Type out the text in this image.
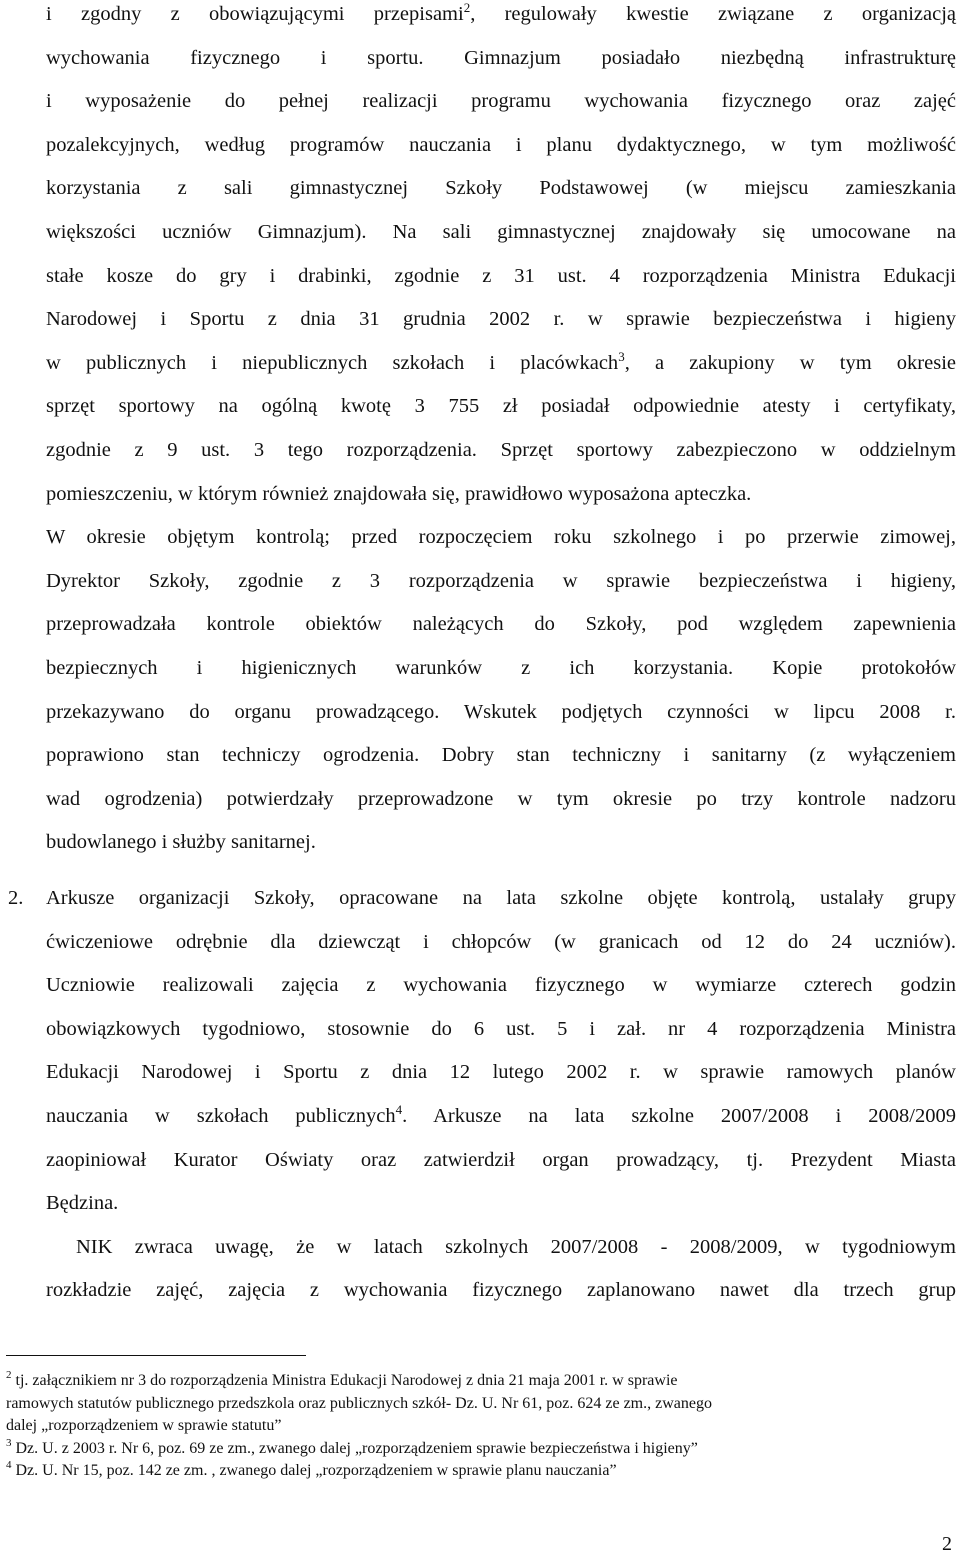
i zgodny z obowiązującymi przepisami$^2$, regulowały kwestie związane z organizacją
wychowania fizycznego i sportu. Gimnazjum posiadało niezbędną infrastrukturę
i wyposażenie do pełnej realizacji programu wychowania fizycznego oraz zajęć
pozalekcyjnych, według programów nauczania i planu dydaktycznego, w tym możliwość
korzystania z sali gimnastycznej Szkoły Podstawowej (w miejscu zamieszkania
większości uczniów Gimnazjum). Na sali gimnastycznej znajdowały się umocowane na
stałe kosze do gry i drabinki, zgodnie z 31 ust. 4 rozporządzenia Ministra Edukacji
Narodowej i Sportu z dnia 31 grudnia 2002 r. w sprawie bezpieczeństwa i higieny
w publicznych i niepublicznych szkołach i placówkach$^3$, a zakupiony w tym okresie
sprzęt sportowy na ogólną kwotę 3 755 zł posiadał odpowiednie atesty i certyfikaty,
zgodnie z 9 ust. 3 tego rozporządzenia. Sprzęt sportowy zabezpieczono w oddzielnym
pomieszczeniu, w którym również znajdowała się, prawidłowo wyposażona apteczka.
W okresie objętym kontrolą; przed rozpoczęciem roku szkolnego i po przerwie zimowej,
Dyrektor Szkoły, zgodnie z 3 rozporządzenia w sprawie bezpieczeństwa i higieny,
przeprowadzała kontrole obiektów należących do Szkoły, pod względem zapewnienia
bezpiecznych i higienicznych warunków z ich korzystania. Kopie protokołów
przekazywano do organu prowadzącego. Wskutek podjętych czynności w lipcu 2008 r.
poprawiono stan techniczy ogrodzenia. Dobry stan techniczny i sanitarny (z wyłączeniem
wad ogrodzenia) potwierdzały przeprowadzone w tym okresie po trzy kontrole nadzoru
budowlanego i służby sanitarnej.
2. Arkusze organizacji Szkoły, opracowane na lata szkolne objęte kontrolą, ustalały grupy
ćwiczeniowe odrębnie dla dziewcząt i chłopców (w granicach od 12 do 24 uczniów).
Uczniowie realizowali zajęcia z wychowania fizycznego w wymiarze czterech godzin
obowiązkowych tygodniowo, stosownie do 6 ust. 5 i zał. nr 4 rozporządzenia Ministra
Edukacji Narodowej i Sportu z dnia 12 lutego 2002 r. w sprawie ramowych planów
nauczania w szkołach publicznych$^4$. Arkusze na lata szkolne 2007/2008 i 2008/2009
zaopiniował Kurator Oświaty oraz zatwierdził organ prowadzący, tj. Prezydent Miasta
Będzina.
NIK zwraca uwagę, że w latach szkolnych 2007/2008 - 2008/2009, w tygodniowym
rozkładzie zajęć, zajęcia z wychowania fizycznego zaplanowano nawet dla trzech grup
$^2$ tj. załącznikiem nr 3 do rozporządzenia Ministra Edukacji Narodowej z dnia 21 maja 2001 r. w sprawie
ramowych statutów publicznego przedszkola oraz publicznych szkół- Dz. U. Nr 61, poz. 624 ze zm., zwanego
dalej „rozporządzeniem w sprawie statutu”
$^3$ Dz. U. z 2003 r. Nr 6, poz. 69 ze zm., zwanego dalej „rozporządzeniem sprawie bezpieczeństwa i higieny”
$^4$ Dz. U. Nr 15, poz. 142 ze zm. , zwanego dalej „rozporządzeniem w sprawie planu nauczania”
2
